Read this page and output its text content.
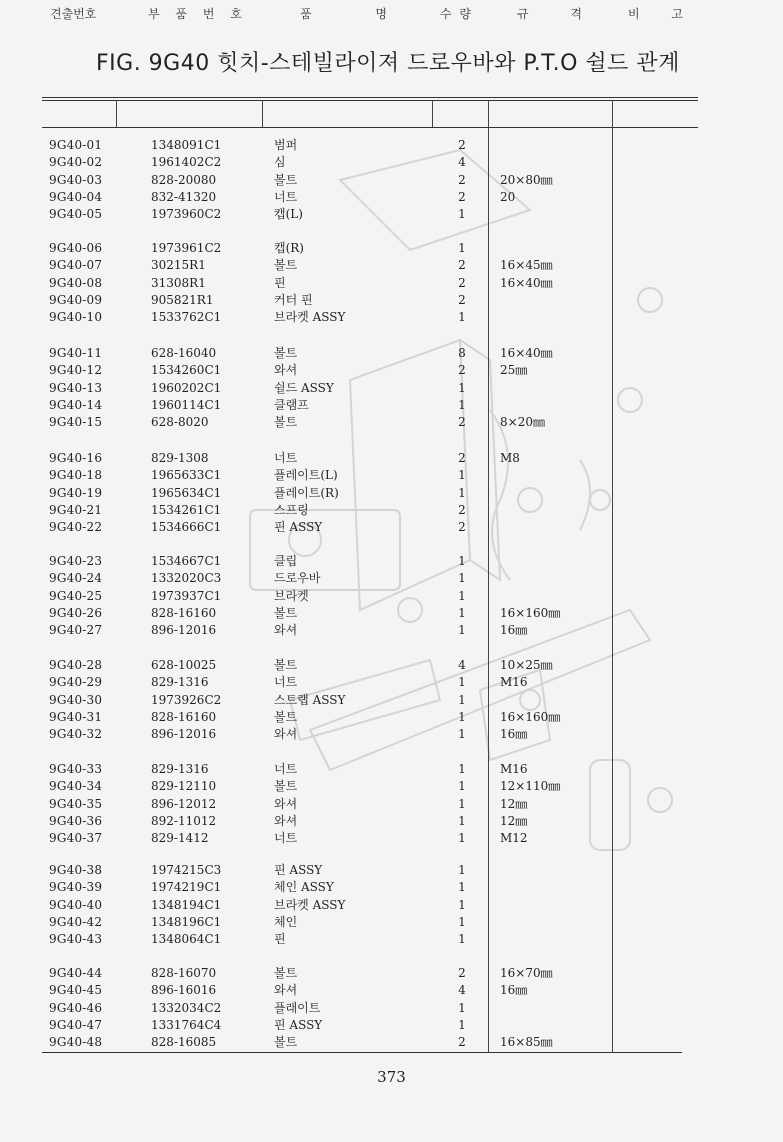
FIG. 9G40 힛치-스테빌라이져 드로우바와 P.T.O 쉴드 관계
견출번호	부 품 번 호	품 명	수 량	규 격	비 고
9G40-01	1348091C1	범퍼	2
9G40-02	1961402C2	심	4
9G40-03	828-20080	볼트	2	20×80㎜
9G40-04	832-41320	너트	2	20
9G40-05	1973960C2	캡(L)	1
9G40-06	1973961C2	캡(R)	1
9G40-07	30215R1	볼트	2	16×45㎜
9G40-08	31308R1	핀	2	16×40㎜
9G40-09	905821R1	커터 핀	2
9G40-10	1533762C1	브라켓 ASSY	1
9G40-11	628-16040	볼트	8	16×40㎜
9G40-12	1534260C1	와셔	2	25㎜
9G40-13	1960202C1	쉴드 ASSY	1
9G40-14	1960114C1	클램프	1
9G40-15	628-8020	볼트	2	8×20㎜
9G40-16	829-1308	너트	2	M8
9G40-18	1965633C1	플레이트(L)	1
9G40-19	1965634C1	플레이트(R)	1
9G40-21	1534261C1	스프링	2
9G40-22	1534666C1	핀 ASSY	2
9G40-23	1534667C1	클립	1
9G40-24	1332020C3	드로우바	1
9G40-25	1973937C1	브라켓	1
9G40-26	828-16160	볼트	1	16×160㎜
9G40-27	896-12016	와셔	1	16㎜
9G40-28	628-10025	볼트	4	10×25㎜
9G40-29	829-1316	너트	1	M16
9G40-30	1973926C2	스트랩 ASSY	1
9G40-31	828-16160	볼트	1	16×160㎜
9G40-32	896-12016	와셔	1	16㎜
9G40-33	829-1316	너트	1	M16
9G40-34	829-12110	볼트	1	12×110㎜
9G40-35	896-12012	와셔	1	12㎜
9G40-36	892-11012	와셔	1	12㎜
9G40-37	829-1412	너트	1	M12
9G40-38	1974215C3	핀 ASSY	1
9G40-39	1974219C1	체인 ASSY	1
9G40-40	1348194C1	브라켓 ASSY	1
9G40-42	1348196C1	체인	1
9G40-43	1348064C1	핀	1
9G40-44	828-16070	볼트	2	16×70㎜
9G40-45	896-16016	와셔	4	16㎜
9G40-46	1332034C2	플래이트	1
9G40-47	1331764C4	핀 ASSY	1
9G40-48	828-16085	볼트	2	16×85㎜
373
